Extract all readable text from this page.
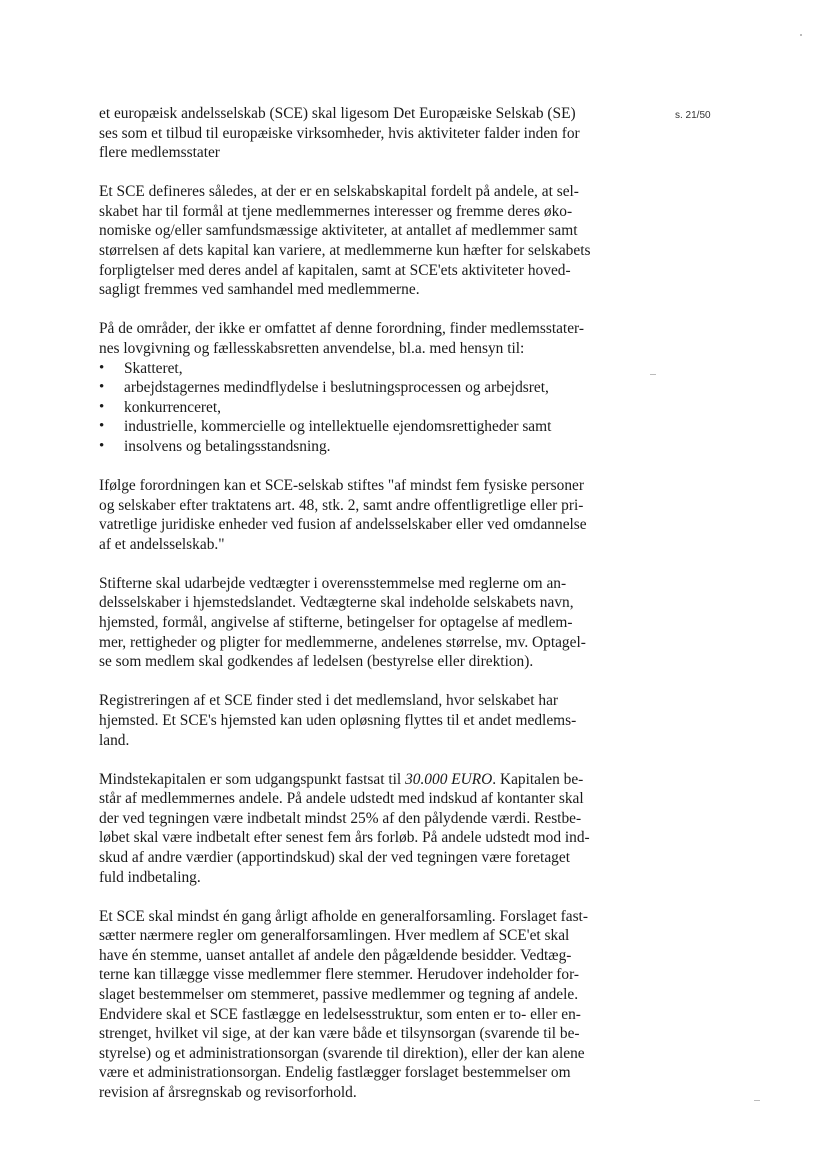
s. 21/50

et europæisk andelsselskab (SCE) skal ligesom Det Europæiske Selskab (SE)
ses som et tilbud til europæiske virksomheder, hvis aktiviteter falder inden for
flere medlemsstater

Et SCE defineres således, at der er en selskabskapital fordelt på andele, at sel-
skabet har til formål at tjene medlemmernes interesser og fremme deres øko-
nomiske og/eller samfundsmæssige aktiviteter, at antallet af medlemmer samt
størrelsen af dets kapital kan variere, at medlemmerne kun hæfter for selskabets
forpligtelser med deres andel af kapitalen, samt at SCE'ets aktiviteter hoved-
sagligt fremmes ved samhandel med medlemmerne.

På de områder, der ikke er omfattet af denne forordning, finder medlemsstater-
nes lovgivning og fællesskabsretten anvendelse, bl.a. med hensyn til:

• Skatteret,
• arbejdstagernes medindflydelse i beslutningsprocessen og arbejdsret,
• konkurrenceret,
• industrielle, kommercielle og intellektuelle ejendomsrettigheder samt
• insolvens og betalingsstandsning.

Ifølge forordningen kan et SCE-selskab stiftes "af mindst fem fysiske personer
og selskaber efter traktatens art. 48, stk. 2, samt andre offentligretlige eller pri-
vatretlige juridiske enheder ved fusion af andelsselskaber eller ved omdannelse
af et andelsselskab."

Stifterne skal udarbejde vedtægter i overensstemmelse med reglerne om an-
delsselskaber i hjemstedslandet. Vedtægterne skal indeholde selskabets navn,
hjemsted, formål, angivelse af stifterne, betingelser for optagelse af medlem-
mer, rettigheder og pligter for medlemmerne, andelenes størrelse, mv. Optagel-
se som medlem skal godkendes af ledelsen (bestyrelse eller direktion).

Registreringen af et SCE finder sted i det medlemsland, hvor selskabet har
hjemsted. Et SCE's hjemsted kan uden opløsning flyttes til et andet medlems-
land.

Mindstekapitalen er som udgangspunkt fastsat til 30.000 EURO. Kapitalen be-
står af medlemmernes andele. På andele udstedt med indskud af kontanter skal
der ved tegningen være indbetalt mindst 25% af den pålydende værdi. Restbe-
løbet skal være indbetalt efter senest fem års forløb. På andele udstedt mod ind-
skud af andre værdier (apportindskud) skal der ved tegningen være foretaget
fuld indbetaling.

Et SCE skal mindst én gang årligt afholde en generalforsamling. Forslaget fast-
sætter nærmere regler om generalforsamlingen. Hver medlem af SCE'et skal
have én stemme, uanset antallet af andele den pågældende besidder. Vedtæg-
terne kan tillægge visse medlemmer flere stemmer. Herudover indeholder for-
slaget bestemmelser om stemmeret, passive medlemmer og tegning af andele.
Endvidere skal et SCE fastlægge en ledelsesstruktur, som enten er to- eller en-
strenget, hvilket vil sige, at der kan være både et tilsynsorgan (svarende til be-
styrelse) og et administrationsorgan (svarende til direktion), eller der kan alene
være et administrationsorgan. Endelig fastlægger forslaget bestemmelser om
revision af årsregnskab og revisorforhold.
